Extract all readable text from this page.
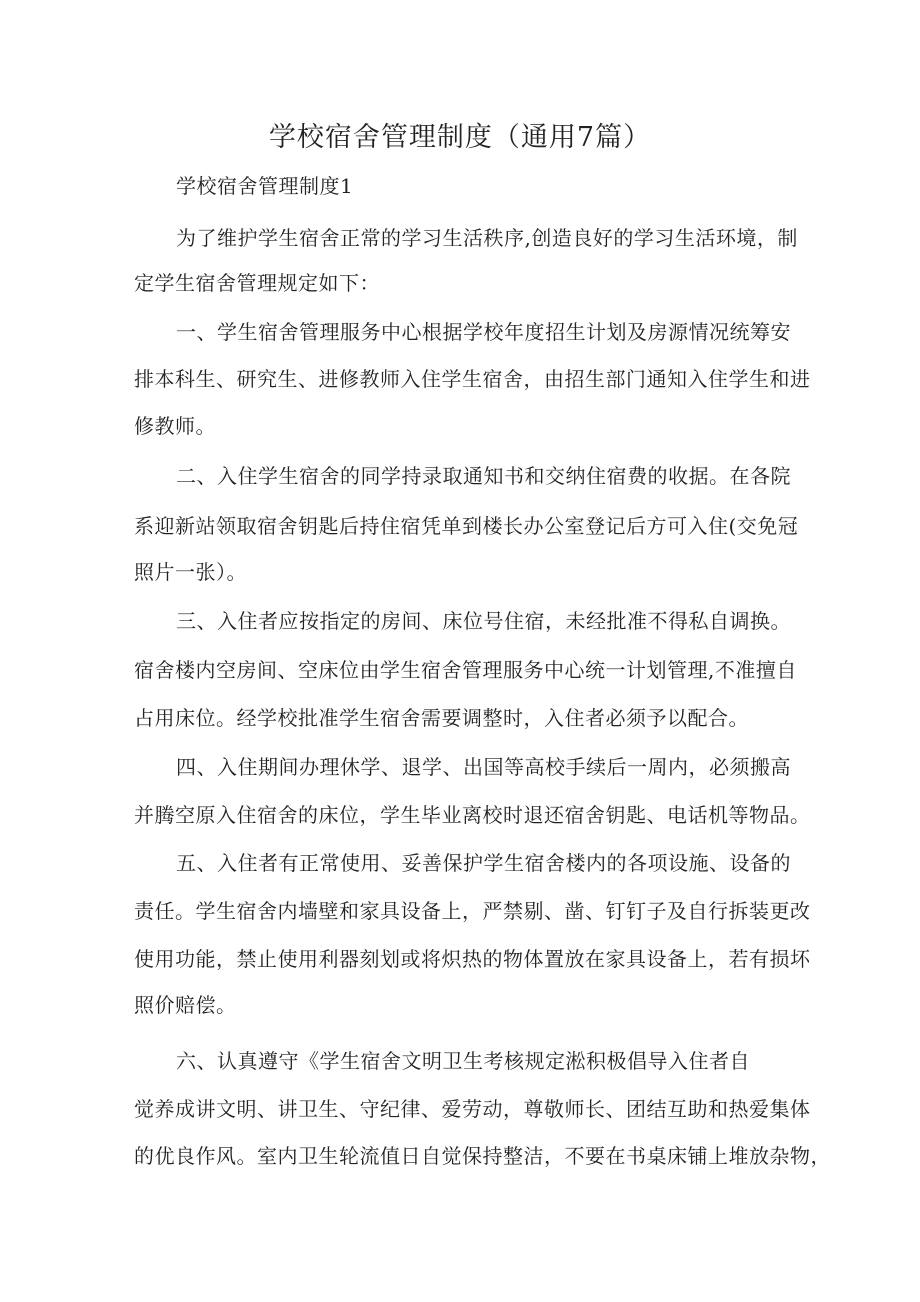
学校宿舍管理制度（通用7篇）
学校宿舍管理制度1
为了维护学生宿舍正常的学习生活秩序,创造良好的学习生活环境，制
定学生宿舍管理规定如下：
一、学生宿舍管理服务中心根据学校年度招生计划及房源情况统筹安
排本科生、研究生、进修教师入住学生宿舍，由招生部门通知入住学生和进
修教师。
二、入住学生宿舍的同学持录取通知书和交纳住宿费的收据。在各院
系迎新站领取宿舍钥匙后持住宿凭单到楼长办公室登记后方可入住(交免冠
照片一张）。
三、入住者应按指定的房间、床位号住宿，未经批准不得私自调换。
宿舍楼内空房间、空床位由学生宿舍管理服务中心统一计划管理,不准擅自
占用床位。经学校批准学生宿舍需要调整时，入住者必须予以配合。
四、入住期间办理休学、退学、出国等高校手续后一周内，必须搬高
并腾空原入住宿舍的床位，学生毕业离校时退还宿舍钥匙、电话机等物品。
五、入住者有正常使用、妥善保护学生宿舍楼内的各项设施、设备的
责任。学生宿舍内墙壁和家具设备上，严禁剔、凿、钉钉子及自行拆装更改
使用功能，禁止使用利器刻划或将炽热的物体置放在家具设备上，若有损坏
照价赔偿。
六、认真遵守《学生宿舍文明卫生考核规定淞积极倡导入住者自
觉养成讲文明、讲卫生、守纪律、爱劳动，尊敬师长、团结互助和热爱集体
的优良作风。室内卫生轮流值日自觉保持整洁，不要在书桌床铺上堆放杂物，
